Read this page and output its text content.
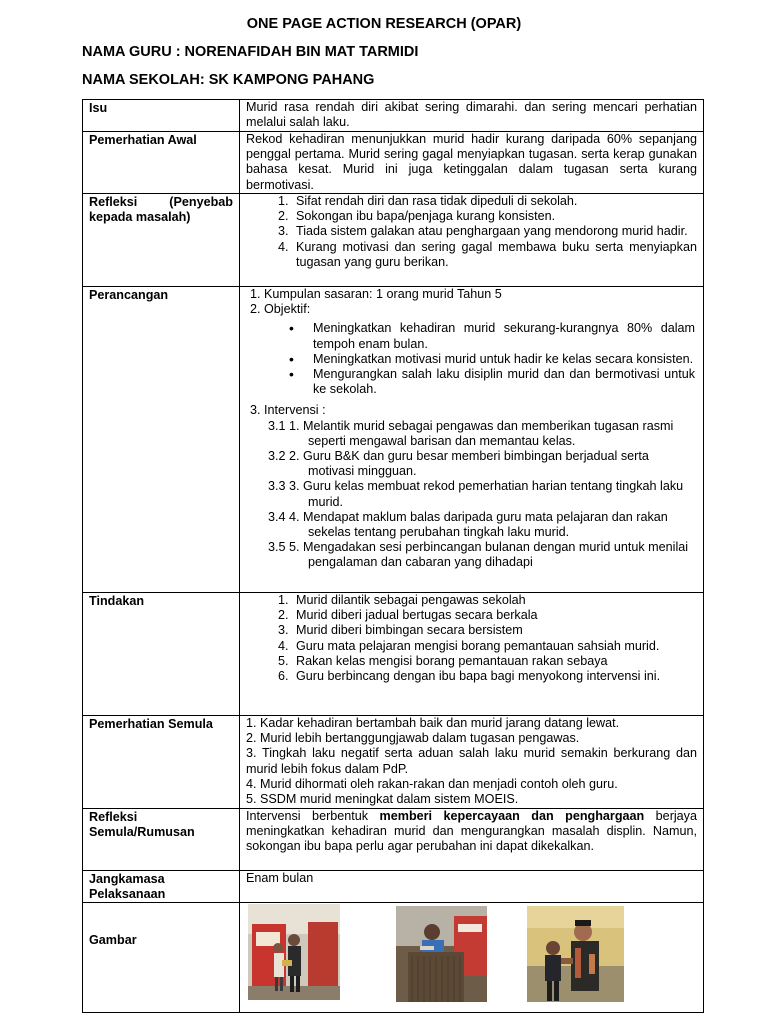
ONE PAGE ACTION RESEARCH (OPAR)
NAMA GURU : NORENAFIDAH BIN MAT TARMIDI
NAMA SEKOLAH: SK KAMPONG PAHANG
Isu	Murid rasa rendah diri akibat sering dimarahi. dan sering mencari perhatian melalui salah laku.
Pemerhatian Awal	Rekod kehadiran menunjukkan murid hadir kurang daripada 60% sepanjang penggal pertama. Murid sering gagal menyiapkan tugasan. serta kerap gunakan bahasa kesat. Murid ini juga ketinggalan dalam tugasan serta kurang bermotivasi.
Refleksi (Penyebab kepada masalah)
1. Sifat rendah diri dan rasa tidak dipeduli di sekolah.
2. Sokongan ibu bapa/penjaga kurang konsisten.
3. Tiada sistem galakan atau penghargaan yang mendorong murid hadir.
4. Kurang motivasi dan sering gagal membawa buku serta menyiapkan tugasan yang guru berikan.
Perancangan	1. Kumpulan sasaran: 1 orang murid Tahun 5
2. Objektif:
• Meningkatkan kehadiran murid sekurang-kurangnya 80% dalam tempoh enam bulan.
• Meningkatkan motivasi murid untuk hadir ke kelas secara konsisten.
• Mengurangkan salah laku disiplin murid dan dan bermotivasi untuk ke sekolah.
3. Intervensi :
3.1 1. Melantik murid sebagai pengawas dan memberikan tugasan rasmi seperti mengawal barisan dan memantau kelas.
3.2 2. Guru B&K dan guru besar memberi bimbingan berjadual serta motivasi mingguan.
3.3 3. Guru kelas membuat rekod pemerhatian harian tentang tingkah laku murid.
3.4 4. Mendapat maklum balas daripada guru mata pelajaran dan rakan sekelas tentang perubahan tingkah laku murid.
3.5 5. Mengadakan sesi perbincangan bulanan dengan murid untuk menilai pengalaman dan cabaran yang dihadapi
Tindakan
1.	Murid dilantik sebagai pengawas sekolah
2. Murid diberi jadual bertugas secara berkala
3. Murid diberi bimbingan secara bersistem
4. Guru mata pelajaran mengisi borang pemantauan sahsiah murid.
5. Rakan kelas mengisi borang pemantauan rakan sebaya
6. Guru berbincang dengan ibu bapa bagi menyokong intervensi ini.
Pemerhatian Semula	1. Kadar kehadiran bertambah baik dan murid jarang datang lewat.
2. Murid lebih bertanggungjawab dalam tugasan pengawas.
3. Tingkah laku negatif serta aduan salah laku murid semakin berkurang dan murid lebih fokus dalam PdP.
4. Murid dihormati oleh rakan-rakan dan menjadi contoh oleh guru.
5. SSDM murid meningkat dalam sistem MOEIS.
Refleksi Semula/Rumusan
Intervensi berbentuk memberi kepercayaan dan penghargaan berjaya meningkatkan kehadiran murid dan mengurangkan masalah displin. Namun, sokongan ibu bapa perlu agar perubahan ini dapat dikekalkan.
Jangkamasa Pelaksanaan
Enam bulan
Gambar
